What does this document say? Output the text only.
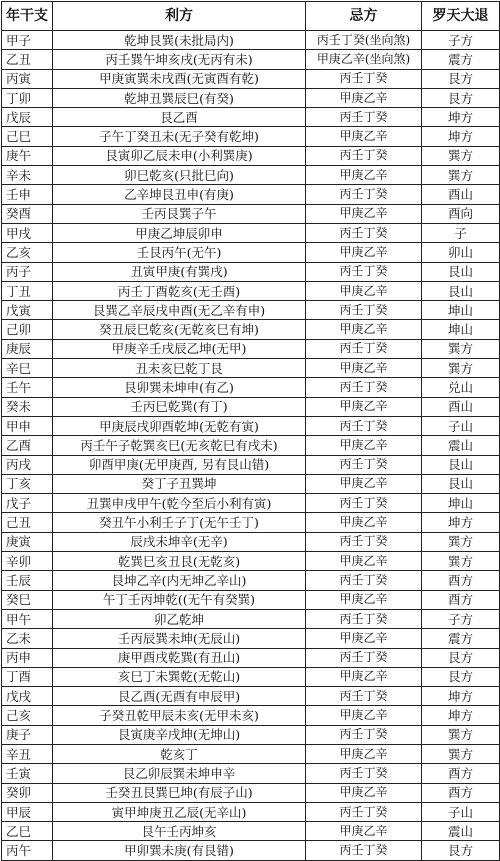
年干支	利方	忌方	罗天大退
甲子	乾坤艮巽(未批局内)	丙壬丁癸(坐向煞)	子方
乙丑	丙壬巽午坤亥戌(无丙有未)	甲庚乙辛(坐向煞)	震方
丙寅	甲庚寅巽未戌酉(无寅酉有乾)	丙壬丁癸	艮方
丁卯	乾坤丑巽辰巳(有癸)	甲庚乙辛	艮方
戊辰	艮乙酉	丙壬丁癸	坤方
己巳	子午丁癸丑未(无子癸有乾坤)	甲庚乙辛	坤方
庚午	艮寅卯乙辰未申(小利巽庚)	丙壬丁癸	巽方
辛未	卯巳乾亥(只批巳向)	甲庚乙辛	巽方
壬申	乙辛坤艮丑申(有庚)	丙壬丁癸	酉山
癸酉	壬丙艮巽子午	甲庚乙辛	酉向
甲戌	甲庚乙坤辰卯申	丙壬丁癸	子
乙亥	壬艮丙午(无午)	甲庚乙辛	卯山
丙子	丑寅甲庚(有巽戌)	丙壬丁癸	艮山
丁丑	丙壬丁酉乾亥(无壬酉)	甲庚乙辛	艮山
戊寅	艮巽乙辛辰戌申酉(无乙辛有申)	丙壬丁癸	坤山
己卯	癸丑辰巳乾亥(无乾亥巳有坤)	甲庚乙辛	坤山
庚辰	甲庚辛壬戌辰乙坤(无甲)	丙壬丁癸	巽方
辛巳	丑未亥巳乾丁艮	甲庚乙辛	巽方
壬午	艮卯巽未坤申(有乙)	丙壬丁癸	兑山
癸未	壬丙巳乾巽(有丁)	甲庚乙辛	酉山
甲申	甲庚辰戌卯酉乾坤(无乾有寅)	丙壬丁癸	子山
乙酉	丙壬午子乾巽亥巳(无亥乾巳有戌未)	甲庚乙辛	震山
丙戌	卯酉甲庚(无甲庚酉, 另有艮山错)	丙壬丁癸	艮山
丁亥	癸丁子丑巽坤	甲庚乙辛	艮山
戊子	丑巽申戌甲午(乾今至后小利有寅)	丙壬丁癸	坤山
己丑	癸丑午小利壬子丁(无午壬丁)	甲庚乙辛	坤方
庚寅	辰戌未坤辛(无辛)	丙壬丁癸	巽方
辛卯	乾巽巳亥丑艮(无乾亥)	甲庚乙辛	巽方
壬辰	艮坤乙辛(内无坤乙辛山)	丙壬丁癸	酉方
癸巳	午丁壬丙坤乾((无午有癸巽)	甲庚乙辛	酉方
甲午	卯乙乾坤	丙壬丁癸	子方
乙未	壬丙辰巽未坤(无辰山)	甲庚乙辛	震方
丙申	庚甲酉戌乾巽(有丑山)	丙壬丁癸	艮方
丁酉	亥巳丁未巽乾(无乾山)	甲庚乙辛	艮方
戊戌	艮乙酉(无酉有申辰甲)	丙壬丁癸	坤方
己亥	子癸丑乾甲辰未亥(无甲未亥)	甲庚乙辛	坤方
庚子	艮寅庚辛戌坤(无坤山)	丙壬丁癸	巽方
辛丑	乾亥丁	甲庚乙辛	巽方
壬寅	艮乙卯辰巽未坤申辛	丙壬丁癸	酉方
癸卯	壬癸丑艮巽巳坤(有辰子山)	甲庚乙辛	酉方
甲辰	寅甲坤庚丑乙辰(无辛山)	丙壬丁癸	子山
乙巳	艮午壬丙坤亥	甲庚乙辛	震山
丙午	甲卯巽未庚(有艮错)	丙壬丁癸	艮方
